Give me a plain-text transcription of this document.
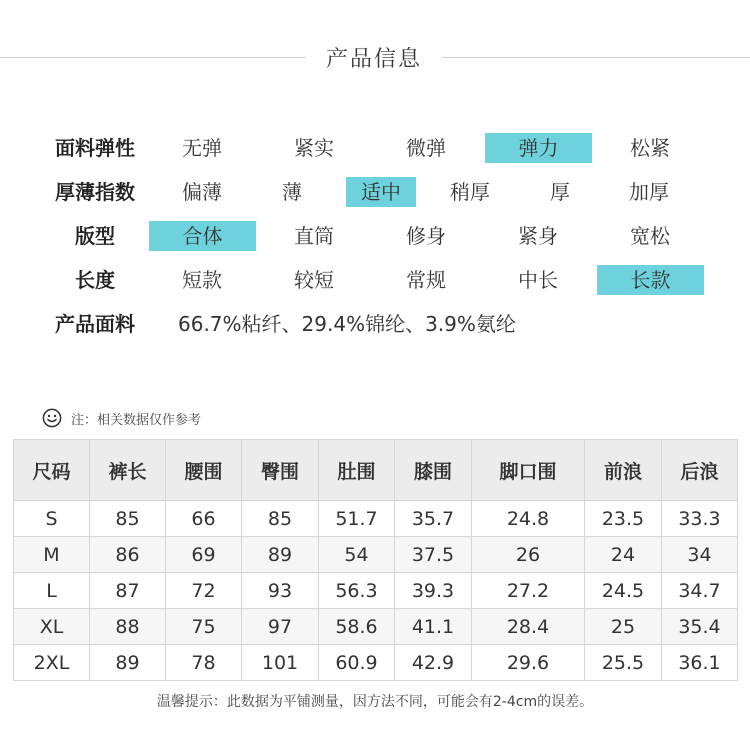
产品信息
面料弹性	无弹	紧实	微弹	弹力	松紧
厚薄指数	偏薄	薄	适中	稍厚	厚	加厚
版型	合体	直筒	修身	紧身	宽松
长度	短款	较短	常规	中长	长款
产品面料	66.7%粘纤、29.4%锦纶、3.9%氨纶
注：相关数据仅作参考
尺码	裤长	腰围	臀围	肚围	膝围	脚口围	前浪	后浪
S	85	66	85	51.7	35.7	24.8	23.5	33.3
M	86	69	89	54	37.5	26	24	34
L	87	72	93	56.3	39.3	27.2	24.5	34.7
XL	88	75	97	58.6	41.1	28.4	25	35.4
2XL	89	78	101	60.9	42.9	29.6	25.5	36.1
温馨提示：此数据为平铺测量，因方法不同，可能会有2-4cm的误差。
